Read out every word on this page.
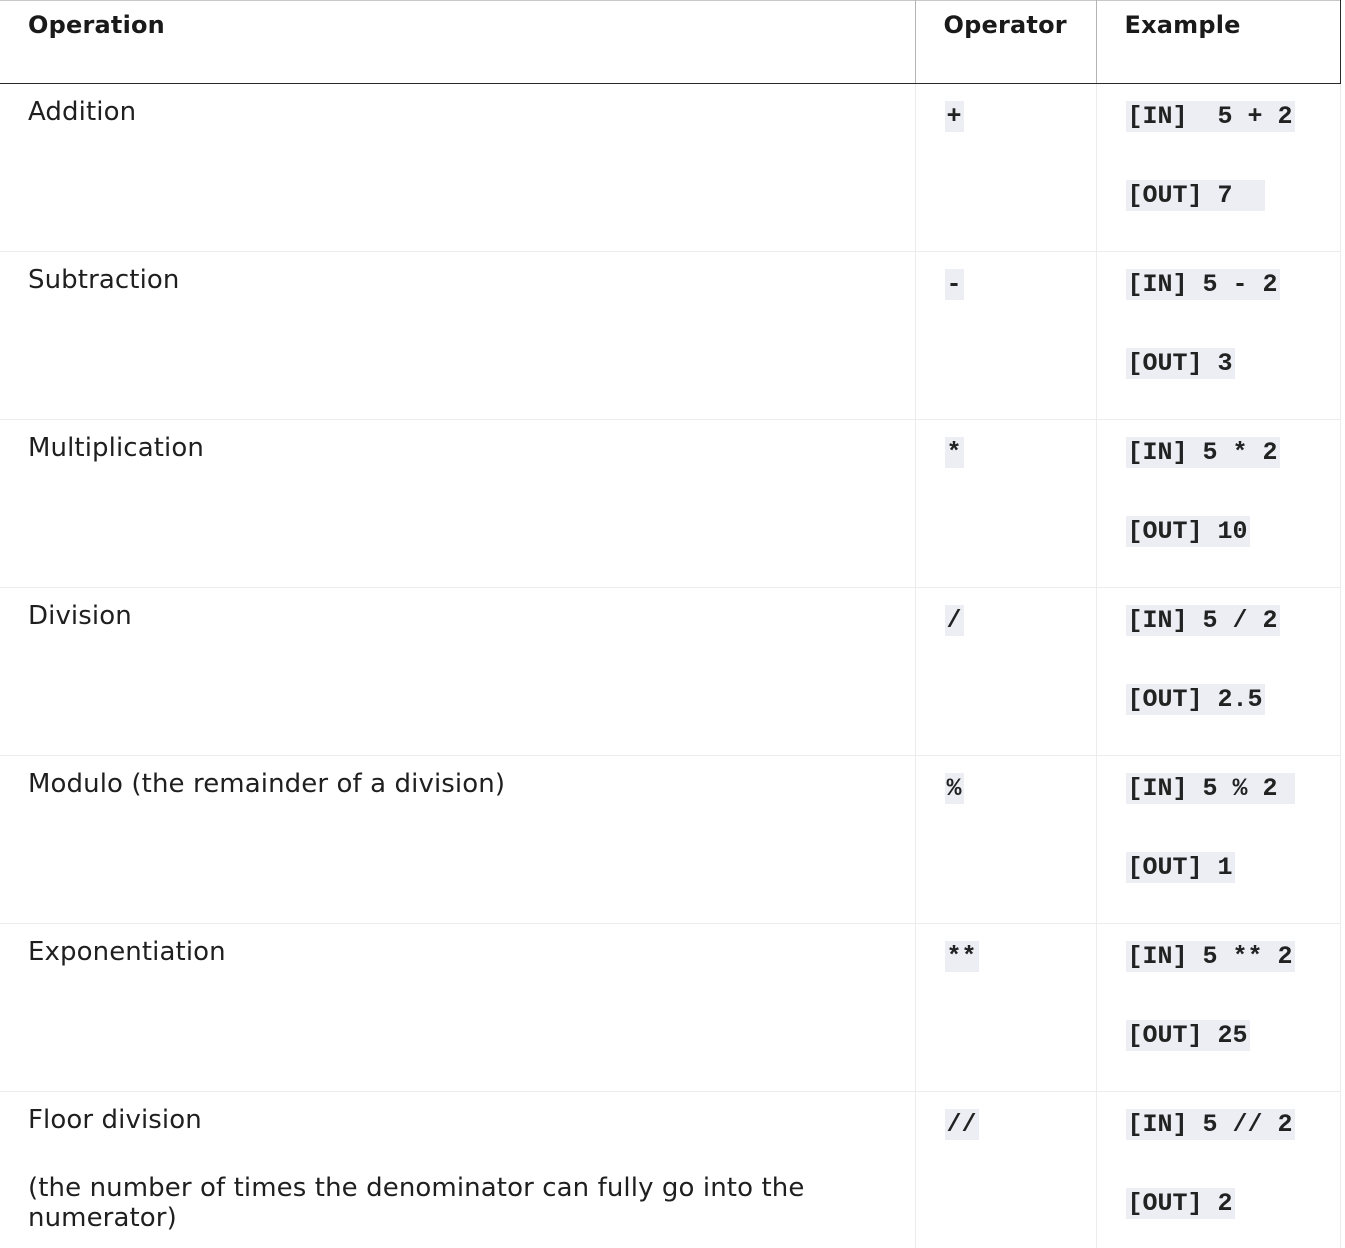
Operation	Operator	Example
Addition	+	[IN]  5 + 2
[OUT] 7

Subtraction	-	[IN] 5 - 2
[OUT] 3

Multiplication	*	[IN] 5 * 2
[OUT] 10

Division	/	[IN] 5 / 2
[OUT] 2.5

Modulo (the remainder of a division)	%	[IN] 5 % 2
[OUT] 1

Exponentiation	**	[IN] 5 ** 2
[OUT] 25

Floor division
(the number of times the denominator can fully go into the numerator)	//	[IN] 5 // 2
[OUT] 2
